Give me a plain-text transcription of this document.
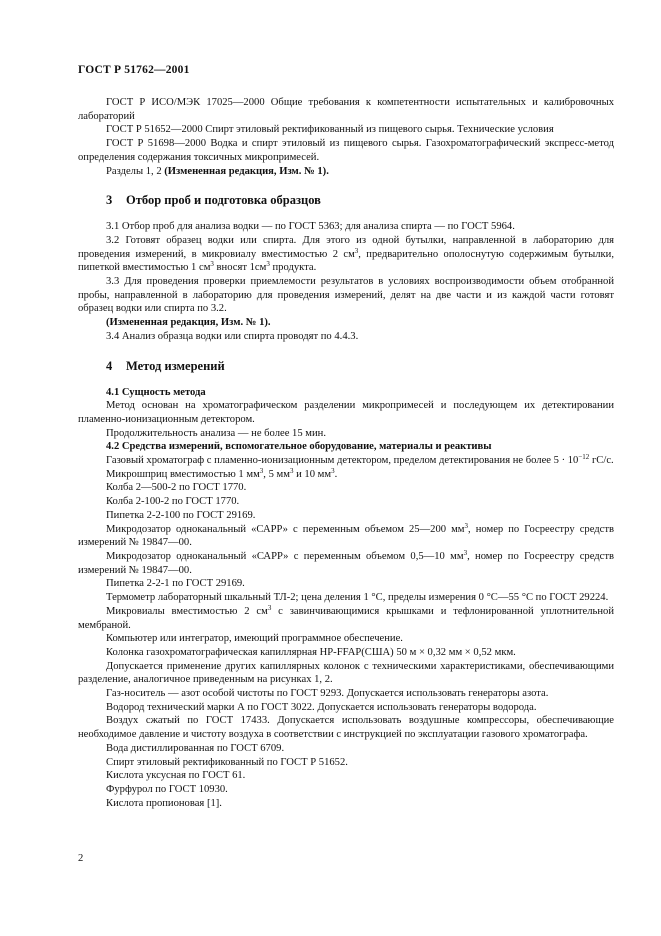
ГОСТ Р 51762—2001

ГОСТ Р ИСО/МЭК 17025—2000 Общие требования к компетентности испытательных и калибровочных лабораторий

ГОСТ Р 51652—2000 Спирт этиловый ректификованный из пищевого сырья. Технические условия

ГОСТ Р 51698—2000 Водка и спирт этиловый из пищевого сырья. Газохроматографический экспресс-метод определения содержания токсичных микропримесей.

Разделы 1, 2 (Измененная редакция, Изм. № 1).

3 Отбор проб и подготовка образцов

3.1 Отбор проб для анализа водки — по ГОСТ 5363; для анализа спирта — по ГОСТ 5964.

3.2 Готовят образец водки или спирта. Для этого из одной бутылки, направленной в лабораторию для проведения измерений, в микровиалу вместимостью 2 $см^3$, предварительно ополоснутую содержимым бутылки, пипеткой вместимостью 1 $см^3$ вносят $1см^3$ продукта.

3.3 Для проведения проверки приемлемости результатов в условиях воспроизводимости объем отобранной пробы, направленной в лабораторию для проведения измерений, делят на две части и из каждой части готовят образец водки или спирта по 3.2.

(Измененная редакция, Изм. № 1).

3.4 Анализ образца водки или спирта проводят по 4.4.3.

4 Метод измерений

4.1 Сущность метода

Метод основан на хроматографическом разделении микропримесей и последующем их детектировании пламенно-ионизационным детектором.

Продолжительность анализа — не более 15 мин.

4.2 Средства измерений, вспомогательное оборудование, материалы и реактивы

Газовый хроматограф с пламенно-ионизационным детектором, пределом детектирования не более $5 \cdot 10^{-12}$ гС/с.

Микрошприц вместимостью 1 $мм^3$, 5 $мм^3$ и 10 $мм^3$.

Колба 2—500-2 по ГОСТ 1770.

Колба 2-100-2 по ГОСТ 1770.

Пипетка 2-2-100 по ГОСТ 29169.

Микродозатор одноканальный «САРР» с переменным объемом 25—200 $мм^3$, номер по Госреестру средств измерений № 19847—00.

Микродозатор одноканальный «САРР» с переменным объемом 0,5—10 $мм^3$, номер по Госреестру средств измерений № 19847—00.

Пипетка 2-2-1 по ГОСТ 29169.

Термометр лабораторный шкальный ТЛ-2; цена деления 1 °С, пределы измерения 0 °С—55 °С по ГОСТ 29224.

Микровиалы вместимостью 2 $см^3$ с завинчивающимися крышками и тефлонированной уплотнительной мембраной.

Компьютер или интегратор, имеющий программное обеспечение.

Колонка газохроматографическая капиллярная HP-FFAP(США) 50 м × 0,32 мм × 0,52 мкм.

Допускается применение других капиллярных колонок с техническими характеристиками, обеспечивающими разделение, аналогичное приведенным на рисунках 1, 2.

Газ-носитель — азот особой чистоты по ГОСТ 9293. Допускается использовать генераторы азота.

Водород технический марки А по ГОСТ 3022. Допускается использовать генераторы водорода.

Воздух сжатый по ГОСТ 17433. Допускается использовать воздушные компрессоры, обеспечивающие необходимое давление и чистоту воздуха в соответствии с инструкцией по эксплуатации газового хроматографа.

Вода дистиллированная по ГОСТ 6709.

Спирт этиловый ректификованный по ГОСТ Р 51652.

Кислота уксусная по ГОСТ 61.

Фурфурол по ГОСТ 10930.

Кислота пропионовая [1].

2
